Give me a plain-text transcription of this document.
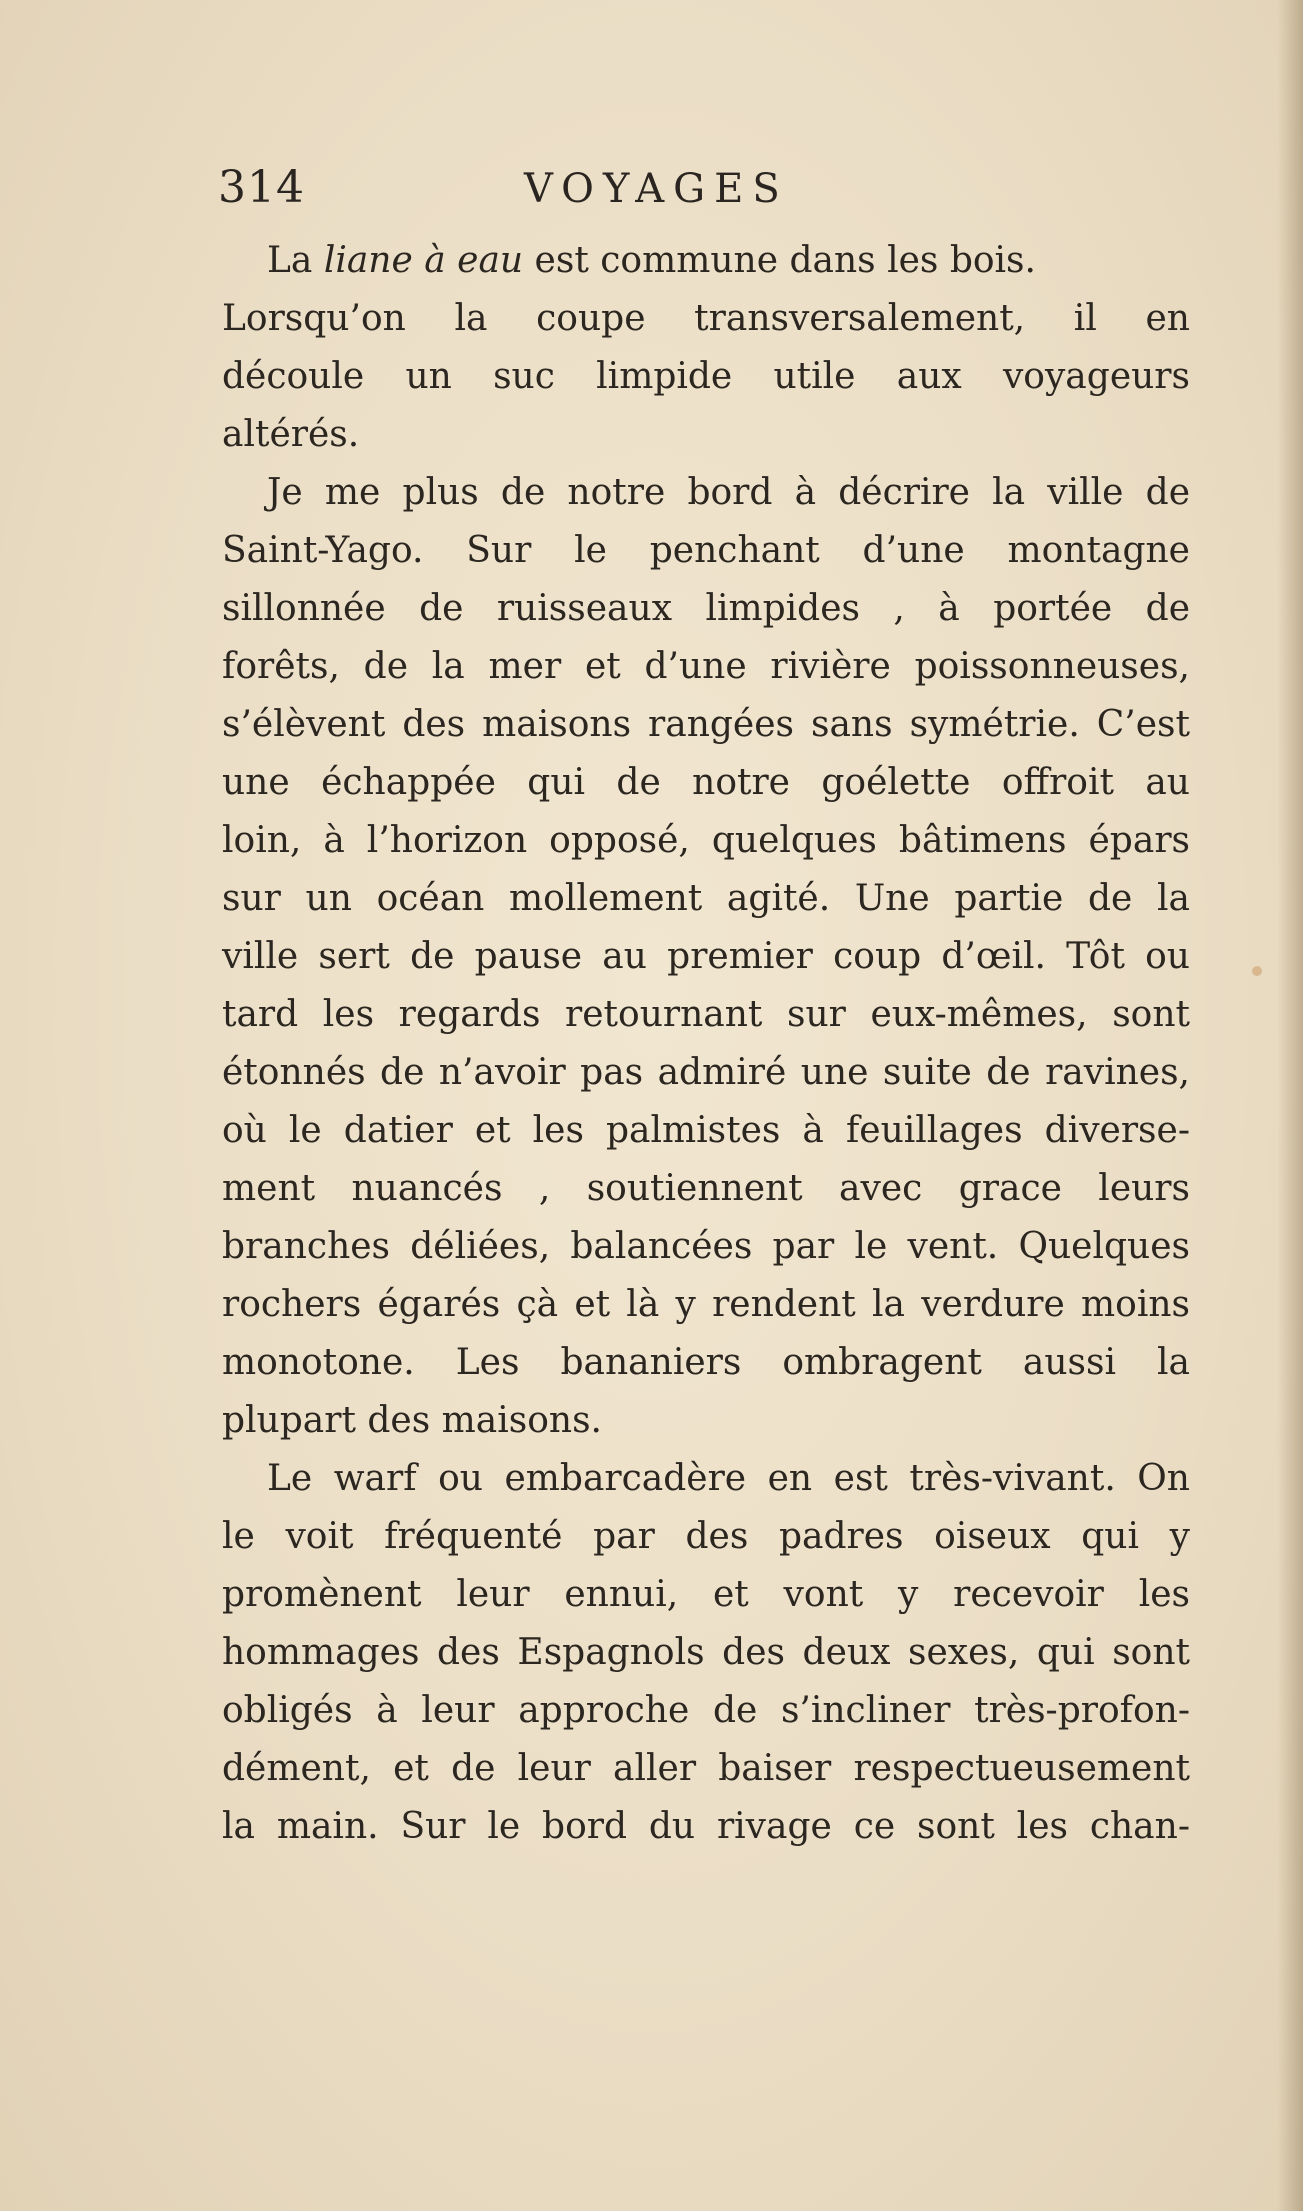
314	VOYAGES
La liane à eau est commune dans les bois.
Lorsqu’on la coupe transversalement, il en
découle un suc limpide utile aux voyageurs
altérés.
Je me plus de notre bord à décrire la ville de
Saint-Yago. Sur le penchant d’une montagne
sillonnée de ruisseaux limpides , à portée de
forêts, de la mer et d’une rivière poissonneuses,
s’élèvent des maisons rangées sans symétrie. C’est
une échappée qui de notre goélette offroit au
loin, à l’horizon opposé, quelques bâtimens épars
sur un océan mollement agité. Une partie de la
ville sert de pause au premier coup d’œil. Tôt ou
tard les regards retournant sur eux-mêmes, sont
étonnés de n’avoir pas admiré une suite de ravines,
où le datier et les palmistes à feuillages diverse-
ment nuancés , soutiennent avec grace leurs
branches déliées, balancées par le vent. Quelques
rochers égarés çà et là y rendent la verdure moins
monotone. Les bananiers ombragent aussi la
plupart des maisons.
Le warf ou embarcadère en est très-vivant. On
le voit fréquenté par des padres oiseux qui y
promènent leur ennui, et vont y recevoir les
hommages des Espagnols des deux sexes, qui sont
obligés à leur approche de s’incliner très-profon-
dément, et de leur aller baiser respectueusement
la main. Sur le bord du rivage ce sont les chan-
